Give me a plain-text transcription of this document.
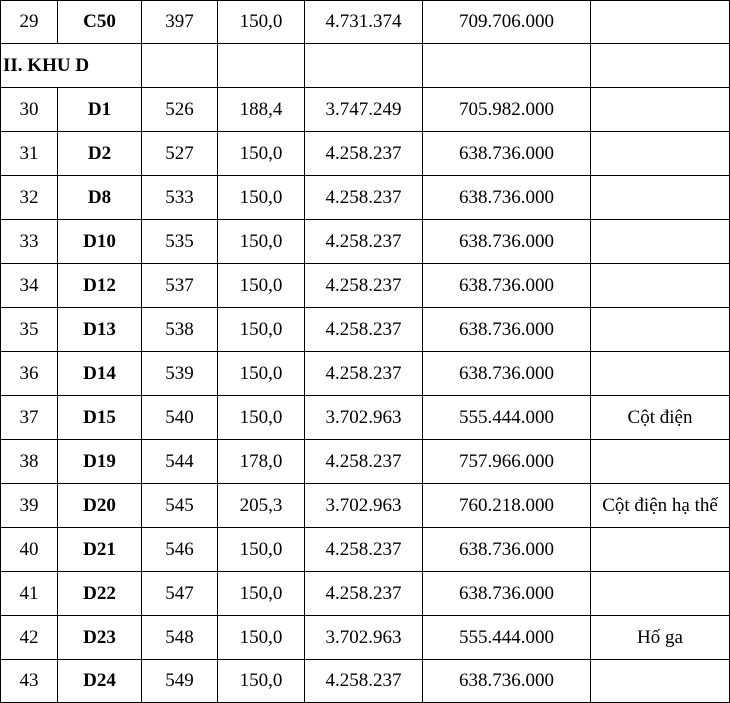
29	C50	397	150,0	4.731.374	709.706.000	
II. KHU D						
30	D1	526	188,4	3.747.249	705.982.000	
31	D2	527	150,0	4.258.237	638.736.000	
32	D8	533	150,0	4.258.237	638.736.000	
33	D10	535	150,0	4.258.237	638.736.000	
34	D12	537	150,0	4.258.237	638.736.000	
35	D13	538	150,0	4.258.237	638.736.000	
36	D14	539	150,0	4.258.237	638.736.000	
37	D15	540	150,0	3.702.963	555.444.000	Cột điện
38	D19	544	178,0	4.258.237	757.966.000	
39	D20	545	205,3	3.702.963	760.218.000	Cột điện hạ thế
40	D21	546	150,0	4.258.237	638.736.000	
41	D22	547	150,0	4.258.237	638.736.000	
42	D23	548	150,0	3.702.963	555.444.000	Hố ga
43	D24	549	150,0	4.258.237	638.736.000	
